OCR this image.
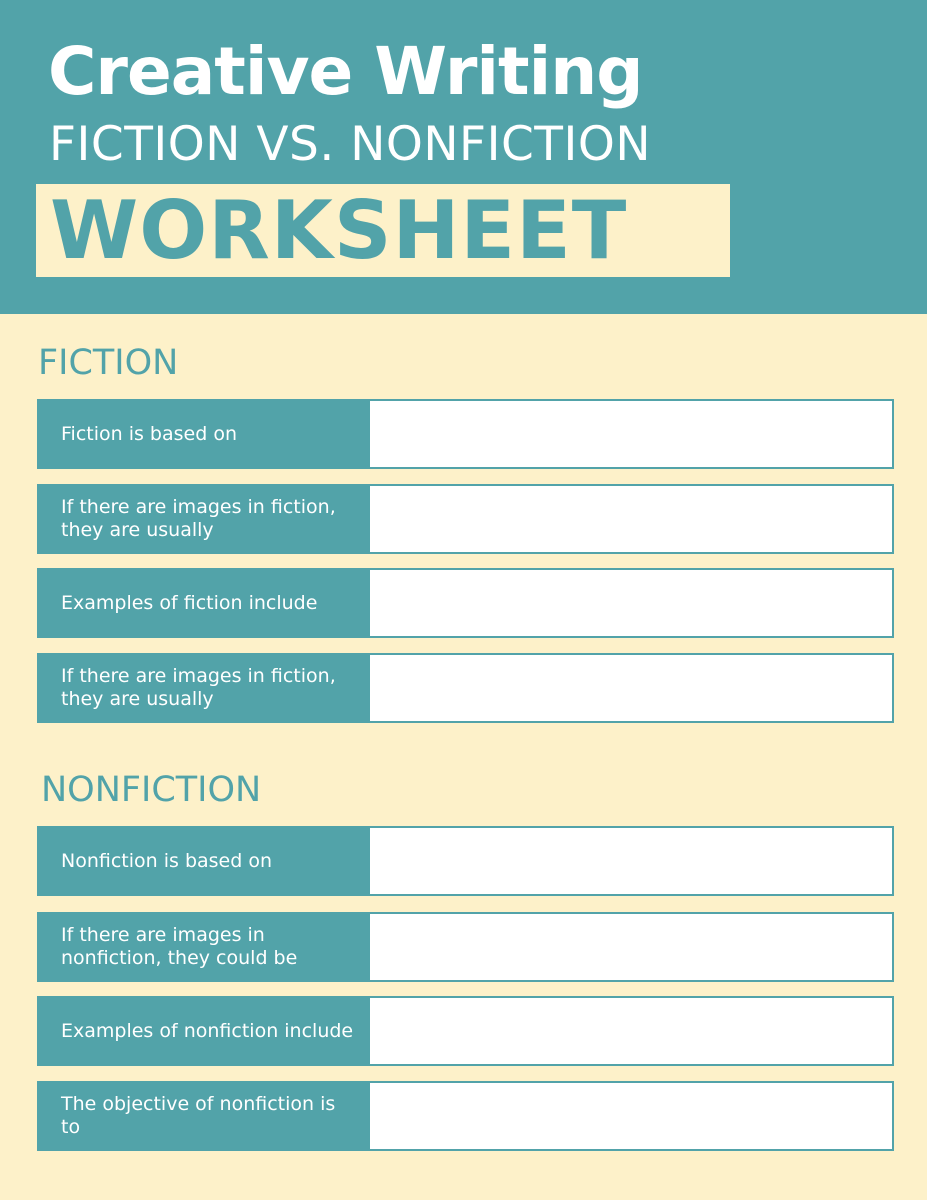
Creative Writing
FICTION VS. NONFICTION
WORKSHEET
FICTION
Fiction is based on
If there are images in fiction, they are usually
Examples of fiction include
If there are images in fiction, they are usually
NONFICTION
Nonfiction is based on
If there are images in nonfiction, they could be
Examples of nonfiction include
The objective of nonfiction is to
